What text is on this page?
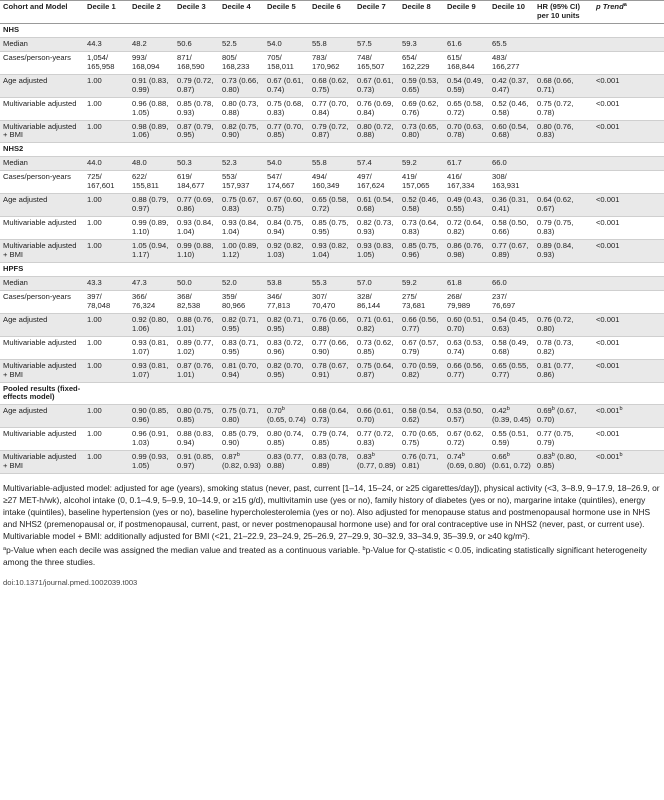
Cohort and Model	Decile 1	Decile 2	Decile 3	Decile 4	Decile 5	Decile 6	Decile 7	Decile 8	Decile 9	Decile 10	HR (95% CI) per 10 units	p Trend$^a$
NHS												
Median	44.3	48.2	50.6	52.5	54.0	55.8	57.5	59.3	61.6	65.5		
Cases/person-years	1,054/ 165,958	993/ 168,094	871/ 168,590	805/ 168,233	705/ 158,011	783/ 170,962	748/ 165,507	654/ 162,229	615/ 168,844	483/ 166,277		
Age adjusted	1.00	0.91 (0.83, 0.99)	0.79 (0.72, 0.87)	0.73 (0.66, 0.80)	0.67 (0.61, 0.74)	0.68 (0.62, 0.75)	0.67 (0.61, 0.73)	0.59 (0.53, 0.65)	0.54 (0.49, 0.59)	0.42 (0.37, 0.47)	0.68 (0.66, 0.71)	<0.001
Multivariable adjusted	1.00	0.96 (0.88, 1.05)	0.85 (0.78, 0.93)	0.80 (0.73, 0.88)	0.75 (0.68, 0.83)	0.77 (0.70, 0.84)	0.76 (0.69, 0.84)	0.69 (0.62, 0.76)	0.65 (0.58, 0.72)	0.52 (0.46, 0.58)	0.75 (0.72, 0.78)	<0.001
Multivariable adjusted + BMI	1.00	0.98 (0.89, 1.06)	0.87 (0.79, 0.95)	0.82 (0.75, 0.90)	0.77 (0.70, 0.85)	0.79 (0.72, 0.87)	0.80 (0.72, 0.88)	0.73 (0.65, 0.80)	0.70 (0.63, 0.78)	0.60 (0.54, 0.68)	0.80 (0.76, 0.83)	<0.001
NHS2												
Median	44.0	48.0	50.3	52.3	54.0	55.8	57.4	59.2	61.7	66.0		
Cases/person-years	725/ 167,601	622/ 155,811	619/ 184,677	553/ 157,937	547/ 174,667	494/ 160,349	497/ 167,624	419/ 157,065	416/ 167,334	308/ 163,931		
Age adjusted	1.00	0.88 (0.79, 0.97)	0.77 (0.69, 0.86)	0.75 (0.67, 0.83)	0.67 (0.60, 0.75)	0.65 (0.58, 0.72)	0.61 (0.54, 0.68)	0.52 (0.46, 0.58)	0.49 (0.43, 0.55)	0.36 (0.31, 0.41)	0.64 (0.62, 0.67)	<0.001
Multivariable adjusted	1.00	0.99 (0.89, 1.10)	0.93 (0.84, 1.04)	0.93 (0.84, 1.04)	0.84 (0.75, 0.94)	0.85 (0.75, 0.95)	0.82 (0.73, 0.93)	0.73 (0.64, 0.83)	0.72 (0.64, 0.82)	0.58 (0.50, 0.66)	0.79 (0.75, 0.83)	<0.001
Multivariable adjusted + BMI	1.00	1.05 (0.94, 1.17)	0.99 (0.88, 1.10)	1.00 (0.89, 1.12)	0.92 (0.82, 1.03)	0.93 (0.82, 1.04)	0.93 (0.83, 1.05)	0.85 (0.75, 0.96)	0.86 (0.76, 0.98)	0.77 (0.67, 0.89)	0.89 (0.84, 0.93)	<0.001
HPFS												
Median	43.3	47.3	50.0	52.0	53.8	55.3	57.0	59.2	61.8	66.0		
Cases/person-years	397/ 78,048	366/ 76,324	368/ 82,538	359/ 80,966	346/ 77,813	307/ 70,470	328/ 86,144	275/ 73,681	268/ 79,989	237/ 76,697		
Age adjusted	1.00	0.92 (0.80, 1.06)	0.88 (0.76, 1.01)	0.82 (0.71, 0.95)	0.82 (0.71, 0.95)	0.76 (0.66, 0.88)	0.71 (0.61, 0.82)	0.66 (0.56, 0.77)	0.60 (0.51, 0.70)	0.54 (0.45, 0.63)	0.76 (0.72, 0.80)	<0.001
Multivariable adjusted	1.00	0.93 (0.81, 1.07)	0.89 (0.77, 1.02)	0.83 (0.71, 0.95)	0.83 (0.72, 0.96)	0.77 (0.66, 0.90)	0.73 (0.62, 0.85)	0.67 (0.57, 0.79)	0.63 (0.53, 0.74)	0.58 (0.49, 0.68)	0.78 (0.73, 0.82)	<0.001
Multivariable adjusted + BMI	1.00	0.93 (0.81, 1.07)	0.87 (0.76, 1.01)	0.81 (0.70, 0.94)	0.82 (0.70, 0.95)	0.78 (0.67, 0.91)	0.75 (0.64, 0.87)	0.70 (0.59, 0.82)	0.66 (0.56, 0.77)	0.65 (0.55, 0.77)	0.81 (0.77, 0.86)	<0.001
Pooled results (fixed-effects model)												
Age adjusted	1.00	0.90 (0.85, 0.96)	0.80 (0.75, 0.85)	0.75 (0.71, 0.80)	0.70$^b$ (0.65, 0.74)	0.68 (0.64, 0.73)	0.66 (0.61, 0.70)	0.58 (0.54, 0.62)	0.53 (0.50, 0.57)	0.42$^b$ (0.39, 0.45)	0.69$^b$ (0.67, 0.70)	<0.001$^b$
Multivariable adjusted	1.00	0.96 (0.91, 1.03)	0.88 (0.83, 0.94)	0.85 (0.79, 0.90)	0.80 (0.74, 0.85)	0.79 (0.74, 0.85)	0.77 (0.72, 0.83)	0.70 (0.65, 0.75)	0.67 (0.62, 0.72)	0.55 (0.51, 0.59)	0.77 (0.75, 0.79)	<0.001
Multivariable adjusted + BMI	1.00	0.99 (0.93, 1.05)	0.91 (0.85, 0.97)	0.87$^b$ (0.82, 0.93)	0.83 (0.77, 0.88)	0.83 (0.78, 0.89)	0.83$^b$ (0.77, 0.89)	0.76 (0.71, 0.81)	0.74$^b$ (0.69, 0.80)	0.66$^b$ (0.61, 0.72)	0.83$^b$ (0.80, 0.85)	<0.001$^b$

Multivariable-adjusted model: adjusted for age (years), smoking status (never, past, current [1–14, 15–24, or ≥25 cigarettes/day]), physical activity (<3, 3–8.9, 9–17.9, 18–26.9, or ≥27 MET-h/wk), alcohol intake (0, 0.1–4.9, 5–9.9, 10–14.9, or ≥15 g/d), multivitamin use (yes or no), family history of diabetes (yes or no), margarine intake (quintiles), energy intake (quintiles), baseline hypertension (yes or no), baseline hypercholesterolemia (yes or no). Also adjusted for menopause status and postmenopausal hormone use in NHS and NHS2 (premenopausal or, if postmenopausal, current, past, or never postmenopausal hormone use) and for oral contraceptive use in NHS2 (never, past, or current use). Multivariable model + BMI: additionally adjusted for BMI (<21, 21–22.9, 23–24.9, 25–26.9, 27–29.9, 30–32.9, 33–34.9, 35–39.9, or ≥40 kg/m²).

$^a$p-Value when each decile was assigned the median value and treated as a continuous variable. $^b$p-Value for Q-statistic < 0.05, indicating statistically significant heterogeneity among the three studies.

doi:10.1371/journal.pmed.1002039.t003
